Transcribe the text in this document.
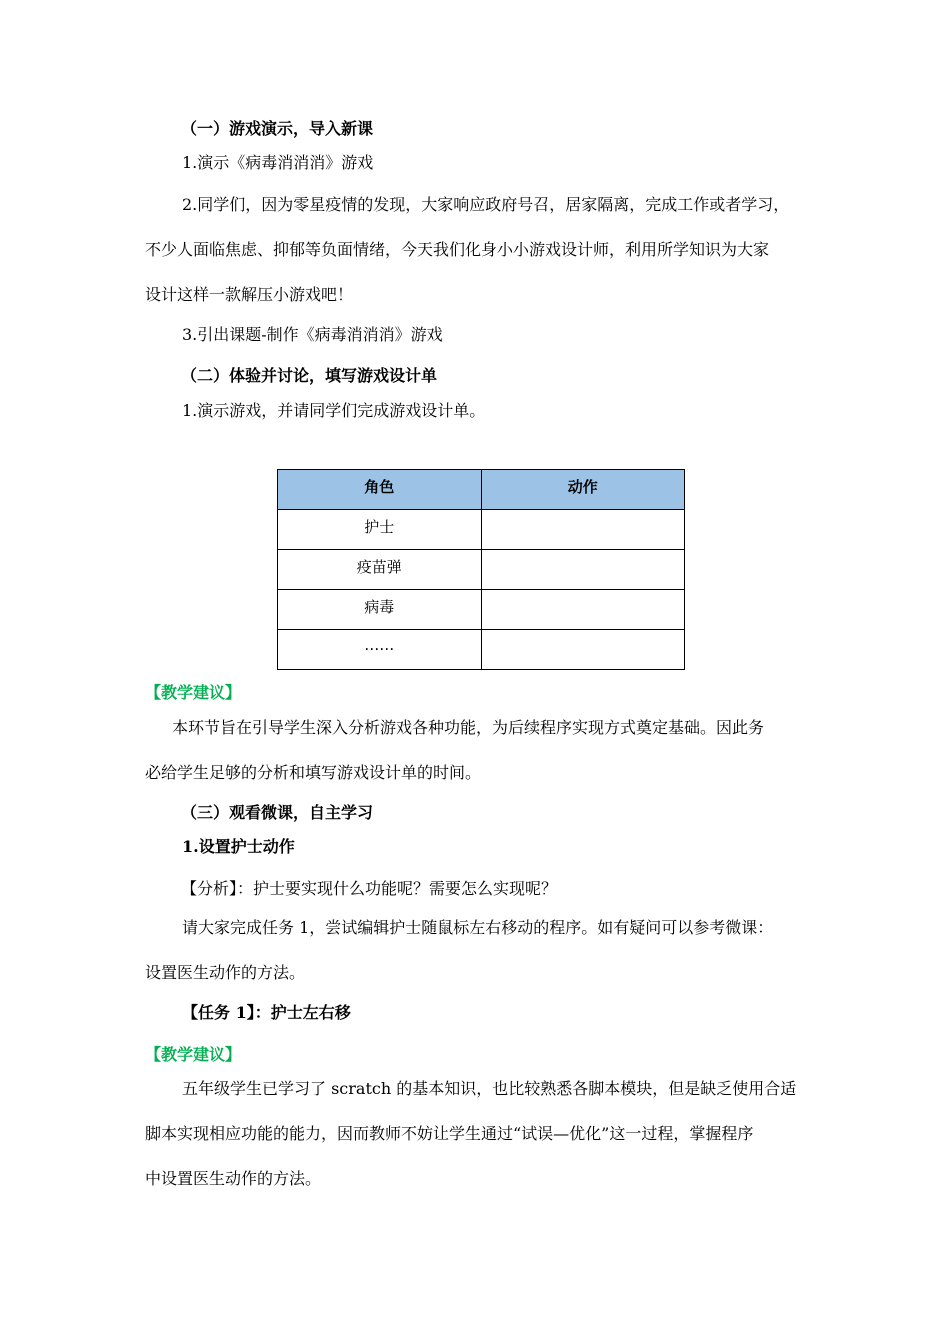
（一）游戏演示，导入新课
1.演示《病毒消消消》游戏
2.同学们，因为零星疫情的发现，大家响应政府号召，居家隔离，完成工作或者学习，
不少人面临焦虑、抑郁等负面情绪，今天我们化身小小游戏设计师，利用所学知识为大家
设计这样一款解压小游戏吧！
3.引出课题-制作《病毒消消消》游戏
（二）体验并讨论，填写游戏设计单
1.演示游戏，并请同学们完成游戏设计单。
角色	动作
护士	
疫苗弹	
病毒	
……	
【教学建议】
本环节旨在引导学生深入分析游戏各种功能，为后续程序实现方式奠定基础。因此务
必给学生足够的分析和填写游戏设计单的时间。
（三）观看微课，自主学习
1.设置护士动作
【分析】：护士要实现什么功能呢？需要怎么实现呢？
请大家完成任务 1，尝试编辑护士随鼠标左右移动的程序。如有疑问可以参考微课：
设置医生动作的方法。
【任务 1】：护士左右移
【教学建议】
五年级学生已学习了 scratch 的基本知识，也比较熟悉各脚本模块，但是缺乏使用合适
脚本实现相应功能的能力，因而教师不妨让学生通过“试误—优化”这一过程，掌握程序
中设置医生动作的方法。
